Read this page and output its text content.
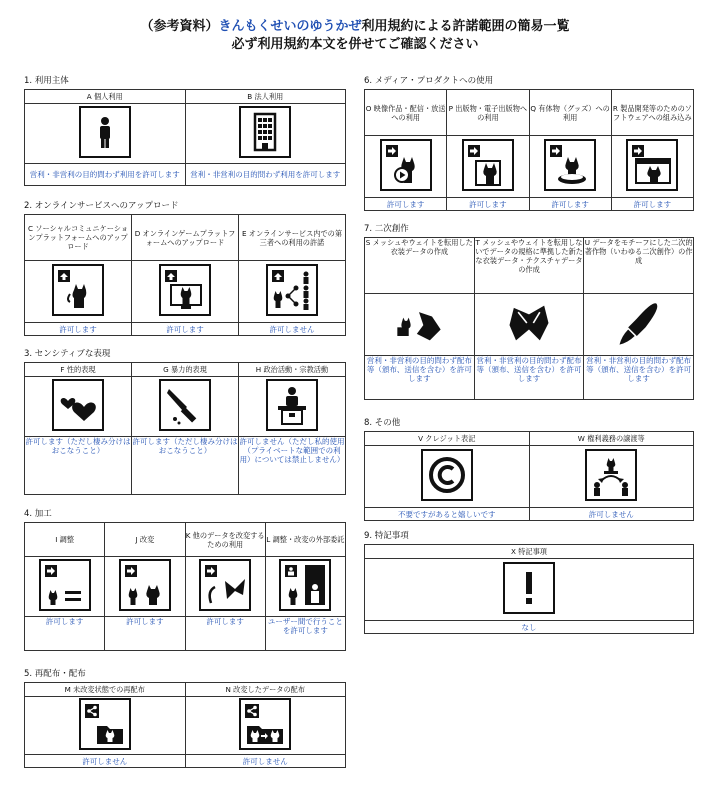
（参考資料）きんもくせいのゆうかぜ利用規約による許諾範囲の簡易一覧
必ず利用規約本文を併せてご確認ください
1. 利用主体
A 個人利用	B 法人利用

営利・非営利の目的問わず利用を許可します	営利・非営利の目的問わず利用を許可します
2. オンラインサービスへのアップロード
C ソーシャルコミュニケーションプラットフォームへのアップロード	D オンラインゲームプラットフォームへのアップロード	E オンラインサービス内での第三者への利用の許諾

許可します	許可します	許可しません
3. センシティブな表現
F 性的表現	G 暴力的表現	H 政治活動・宗教活動

許可します（ただし棲み分けはおこなうこと）	許可します（ただし棲み分けはおこなうこと）	許可しません（ただし私的使用（プライベートな範囲での利用）については禁止しません）
4. 加工
I 調整	J 改変	K 他のデータを改変するための利用	L 調整・改変の外部委託

許可します	許可します	許可します	ユーザー間で行うことを許可します
5. 再配布・配布
M 未改変状態での再配布	N 改変したデータの配布

許可しません	許可しません
6. メディア・プロダクトへの使用
O 映像作品・配信・放送への利用	P 出版物・電子出版物への利用	Q 有体物（グッズ）への利用	R 製品開発等のためのソフトウェアへの組み込み

許可します	許可します	許可します	許可します
7. 二次創作
S メッシュやウェイトを転用した衣装データの作成	T メッシュやウェイトを転用しないでデータの規格に準拠した新たな衣装データ・テクスチャデータの作成	U データをモチーフにした二次的著作物（いわゆる二次創作）の作成

営利・非営利の目的問わず配布等（頒布、送信を含む）を許可します	営利・非営利の目的問わず配布等（頒布、送信を含む）を許可します	営利・非営利の目的問わず配布等（頒布、送信を含む）を許可します
8. その他
V クレジット表記	W 権利義務の譲渡等

不要ですがあると嬉しいです	許可しません
9. 特記事項
X 特記事項

なし
